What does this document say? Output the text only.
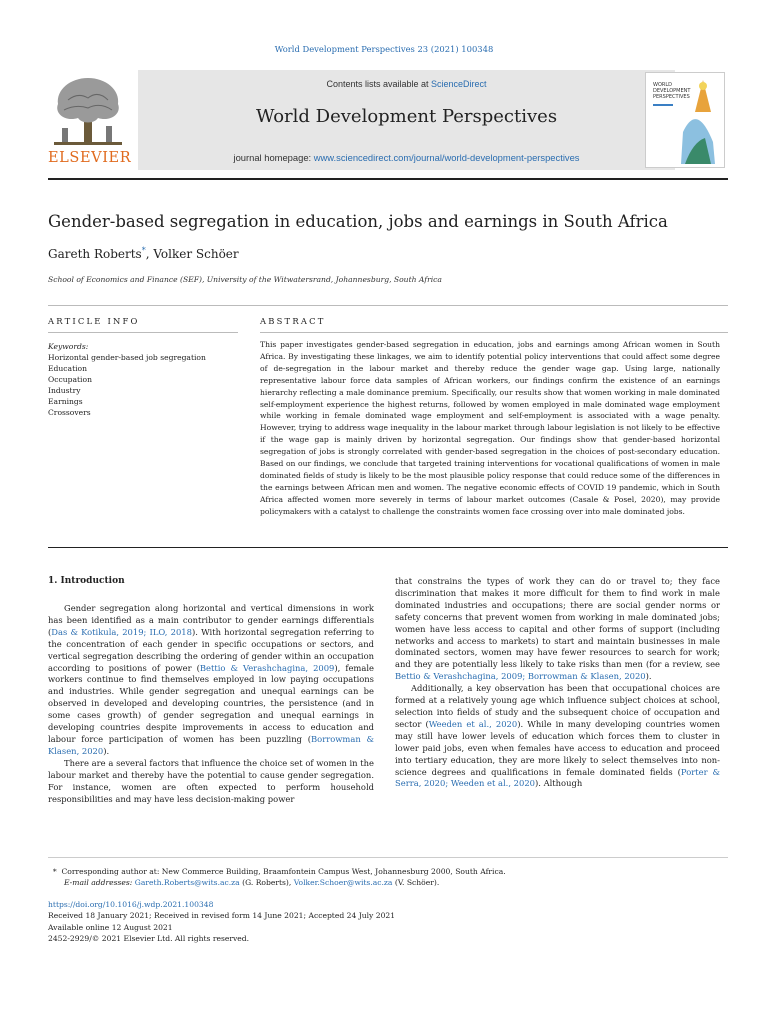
World Development Perspectives 23 (2021) 100348
ELSEVIER
Contents lists available at ScienceDirect
World Development Perspectives
journal homepage: www.sciencedirect.com/journal/world-development-perspectives
WORLD
DEVELOPMENT
PERSPECTIVES
Gender-based segregation in education, jobs and earnings in South Africa
Gareth Roberts*, Volker Schöer
School of Economics and Finance (SEF), University of the Witwatersrand, Johannesburg, South Africa
ARTICLE INFO
Keywords:
Horizontal gender-based job segregation
Education
Occupation
Industry
Earnings
Crossovers
ABSTRACT
This paper investigates gender-based segregation in education, jobs and earnings among African women in South Africa. By investigating these linkages, we aim to identify potential policy interventions that could affect some degree of de-segregation in the labour market and thereby reduce the gender wage gap. Using large, nationally representative labour force data samples of African workers, our findings confirm the existence of an earnings hierarchy reflecting a male dominance premium. Specifically, our results show that women working in male dominated self-employment experience the highest returns, followed by women employed in male dominated wage employment while working in female dominated wage employment and self-employment is associated with a wage penalty. However, trying to address wage inequality in the labour market through labour legislation is not likely to be effective if the wage gap is mainly driven by horizontal segregation. Our findings show that gender-based horizontal segregation of jobs is strongly correlated with gender-based segregation in the choices of post-secondary education. Based on our findings, we conclude that targeted training interventions for vocational qualifications of women in male dominated fields of study is likely to be the most plausible policy response that could reduce some of the differences in the earnings between African men and women. The negative economic effects of COVID 19 pandemic, which in South Africa affected women more severely in terms of labour market outcomes (Casale & Posel, 2020), may provide policymakers with a catalyst to challenge the constraints women face crossing over into male dominated jobs.
1. Introduction

Gender segregation along horizontal and vertical dimensions in work has been identified as a main contributor to gender earnings differentials (Das & Kotikula, 2019; ILO, 2018). With horizontal segregation referring to the concentration of each gender in specific occupations or sectors, and vertical segregation describing the ordering of gender within an occupation according to positions of power (Bettio & Verashchagina, 2009), female workers continue to find themselves employed in low paying occupations and industries. While gender segregation and unequal earnings can be observed in developed and developing countries, the persistence (and in some cases growth) of gender segregation and unequal earnings in developing countries despite improvements in access to education and labour force participation of women has been puzzling (Borrowman & Klasen, 2020).

There are a several factors that influence the choice set of women in the labour market and thereby have the potential to cause gender segregation. For instance, women are often expected to perform household responsibilities and may have less decision-making power

that constrains the types of work they can do or travel to; they face discrimination that makes it more difficult for them to find work in male dominated industries and occupations; there are social gender norms or safety concerns that prevent women from working in male dominated jobs; women have less access to capital and other forms of support (including networks and access to markets) to start and maintain businesses in male dominated sectors, women may have fewer resources to search for work; and they are potentially less likely to take risks than men (for a review, see Bettio & Verashchagina, 2009; Borrowman & Klasen, 2020).

Additionally, a key observation has been that occupational choices are formed at a relatively young age which influence subject choices at school, selection into fields of study and the subsequent choice of occupation and sector (Weeden et al., 2020). While in many developing countries women may still have lower levels of education which forces them to cluster in lower paid jobs, even when females have access to education and proceed into tertiary education, they are more likely to select themselves into non-science degrees and qualifications in female dominated fields (Porter & Serra, 2020; Weeden et al., 2020). Although

* Corresponding author at: New Commerce Building, Braamfontein Campus West, Johannesburg 2000, South Africa.
E-mail addresses: Gareth.Roberts@wits.ac.za (G. Roberts), Volker.Schoer@wits.ac.za (V. Schöer).
https://doi.org/10.1016/j.wdp.2021.100348
Received 18 January 2021; Received in revised form 14 June 2021; Accepted 24 July 2021
Available online 12 August 2021
2452-2929/© 2021 Elsevier Ltd. All rights reserved.
